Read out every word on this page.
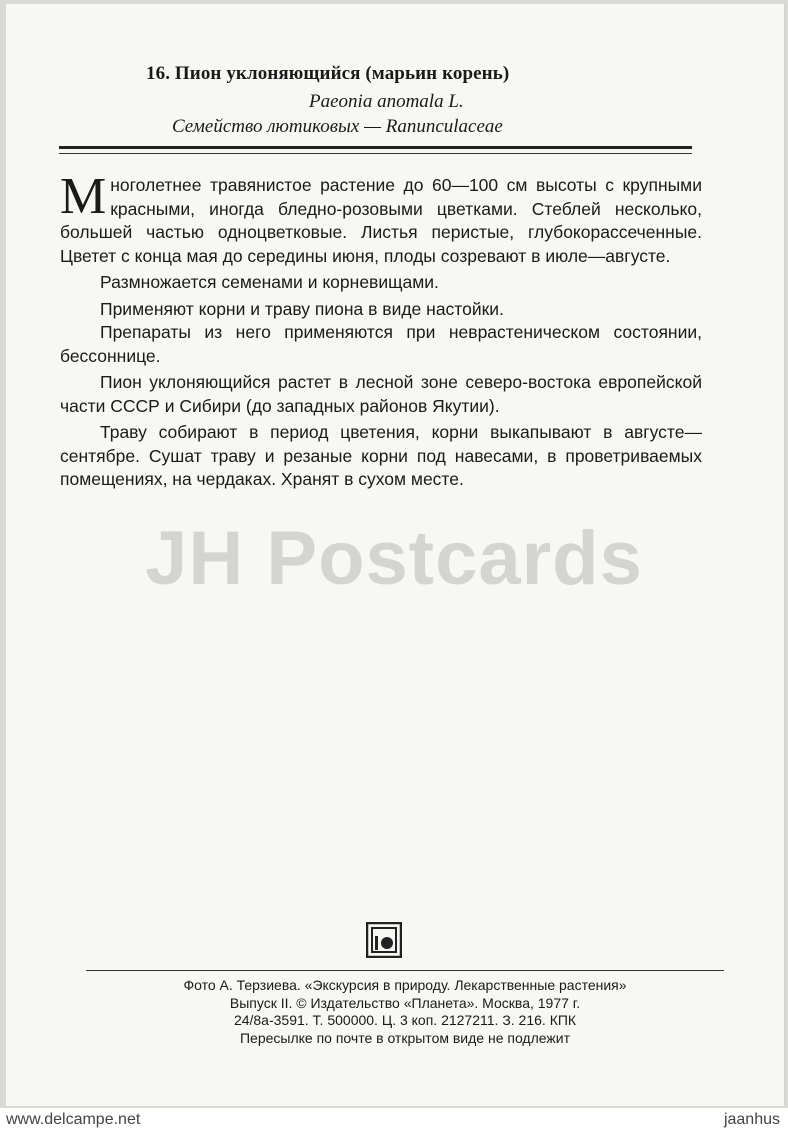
16. Пион уклоняющийся (марьин корень)
Paeonia anomala L.
Семейство лютиковых — Ranunculaceae

Многолетнее травянистое растение до 60—100 см высоты с крупными красными, иногда бледно-розовыми цветками. Стеблей несколько, большей частью одноцветковые. Листья перистые, глубокорассеченные. Цветет с конца мая до середины июня, плоды созревают в июле—августе.

Размножается семенами и корневищами.

Применяют корни и траву пиона в виде настойки.

Препараты из него применяются при неврастеническом состоянии, бессоннице.

Пион уклоняющийся растет в лесной зоне северо-востока европейской части СССР и Сибири (до западных районов Якутии).

Траву собирают в период цветения, корни выкапывают в августе—сентябре. Сушат траву и резаные корни под навесами, в проветриваемых помещениях, на чердаках. Хранят в сухом месте.

JH Postcards
Фото А. Терзиева. «Экскурсия в природу. Лекарственные растения»
Выпуск II. © Издательство «Планета». Москва, 1977 г.
24/8а-3591. Т. 500000. Ц. 3 коп. 2127211. З. 216. КПК
Пересылке по почте в открытом виде не подлежит
www.delcampe.net	jaanhus
